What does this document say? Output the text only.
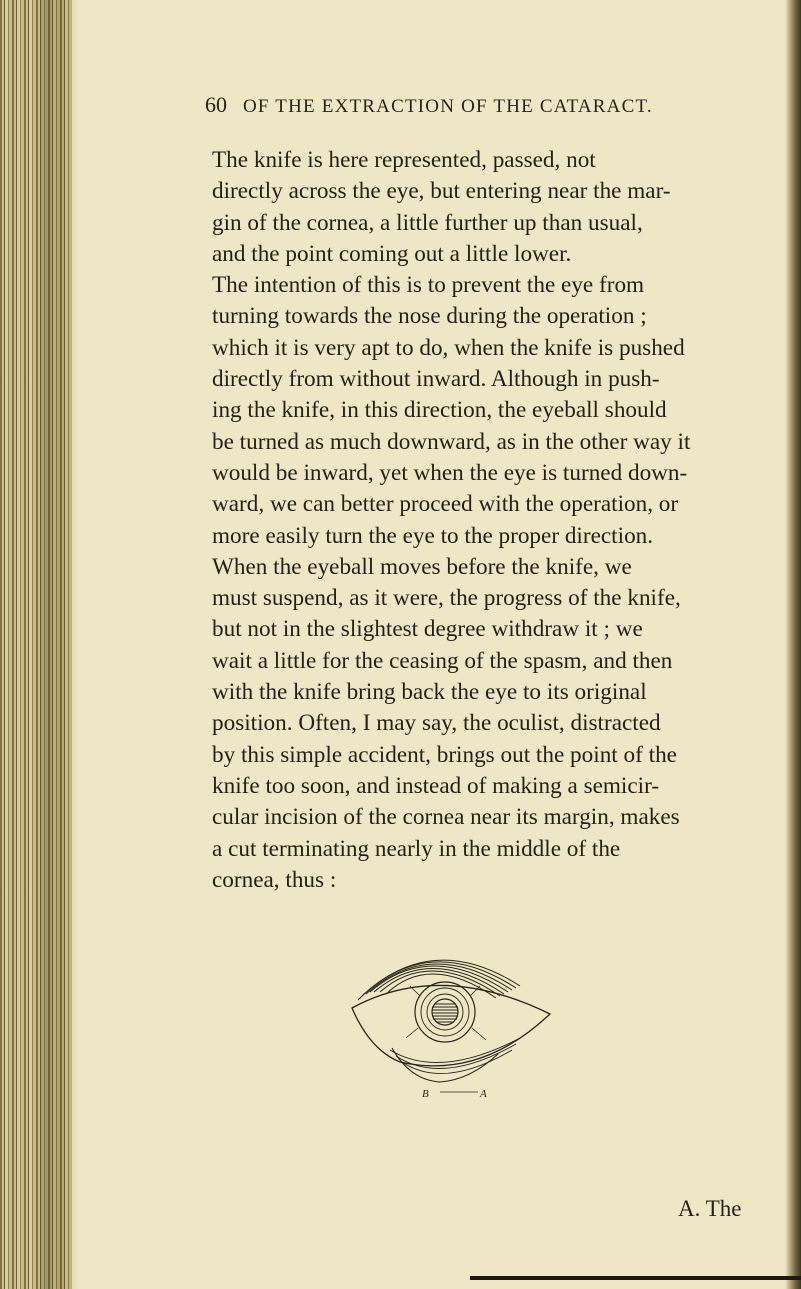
60 OF THE EXTRACTION OF THE CATARACT.
The knife is here represented, passed, not
directly across the eye, but entering near the mar-
gin of the cornea, a little further up than usual,
and the point coming out a little lower.
The intention of this is to prevent the eye from
turning towards the nose during the operation ;
which it is very apt to do, when the knife is pushed
directly from without inward. Although in push-
ing the knife, in this direction, the eyeball should
be turned as much downward, as in the other way it
would be inward, yet when the eye is turned down-
ward, we can better proceed with the operation, or
more easily turn the eye to the proper direction.
When the eyeball moves before the knife, we
must suspend, as it were, the progress of the knife,
but not in the slightest degree withdraw it ; we
wait a little for the ceasing of the spasm, and then
with the knife bring back the eye to its original
position. Often, I may say, the oculist, distracted
by this simple accident, brings out the point of the
knife too soon, and instead of making a semicir-
cular incision of the cornea near its margin, makes
a cut terminating nearly in the middle of the
cornea, thus :
B	A
A. The
